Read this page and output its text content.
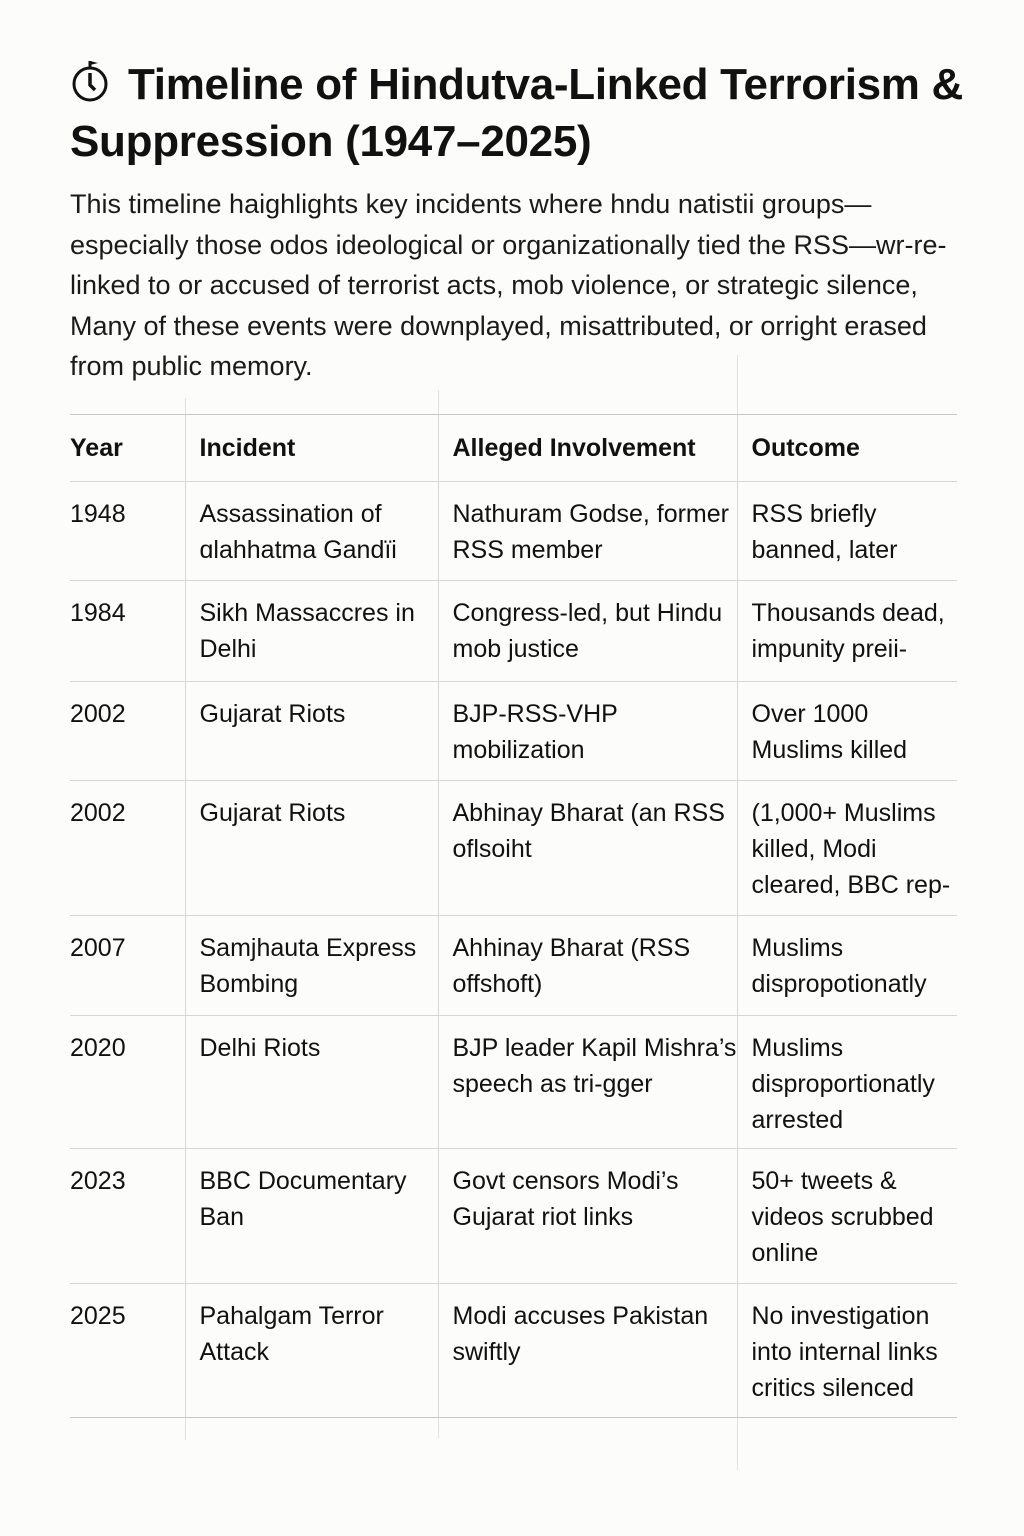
Timeline of Hindutva-Linked Terrorism & Suppression (1947–2025)
This timeline haighlights key incidents where hndu natistii groups—especially those odos ideological or organizationally tied the RSS—wr-re-linked to or accused of terrorist acts, mob violence, or strategic silence, Many of these events were downplayed, misattributed, or orright erased from public memory.
Year	Incident	Alleged Involvement	Outcome
1948	Assassination of ɑlahhatma Gandïi	Nathuram Godse, former RSS member	RSS briefly banned, later
1984	Sikh Massaccres in Delhi	Congress-led, but Hindu mob justice	Thousands dead, impunity preii-
2002	Gujarat Riots	BJP-RSS-VHP mobilization	Over 1000 Muslims killed
2002	Gujarat Riots	Abhinay Bharat (an RSS oflsoiht	(1,000+ Muslims killed, Modi cleared, BBC rep-
2007	Samjhauta Express Bombing	Ahhinay Bharat (RSS offshoft)	Muslims dispropotionatly
2020	Delhi Riots	BJP leader Kapil Mishra’s speech as tri-gger	Muslims disproportionatly arrested
2023	BBC Documentary Ban	Govt censors Modi’s Gujarat riot links	50+ tweets & videos scrubbed online
2025	Pahalgam Terror Attack	Modi accuses Pakistan swiftly	No investigation into internal links critics silenced
